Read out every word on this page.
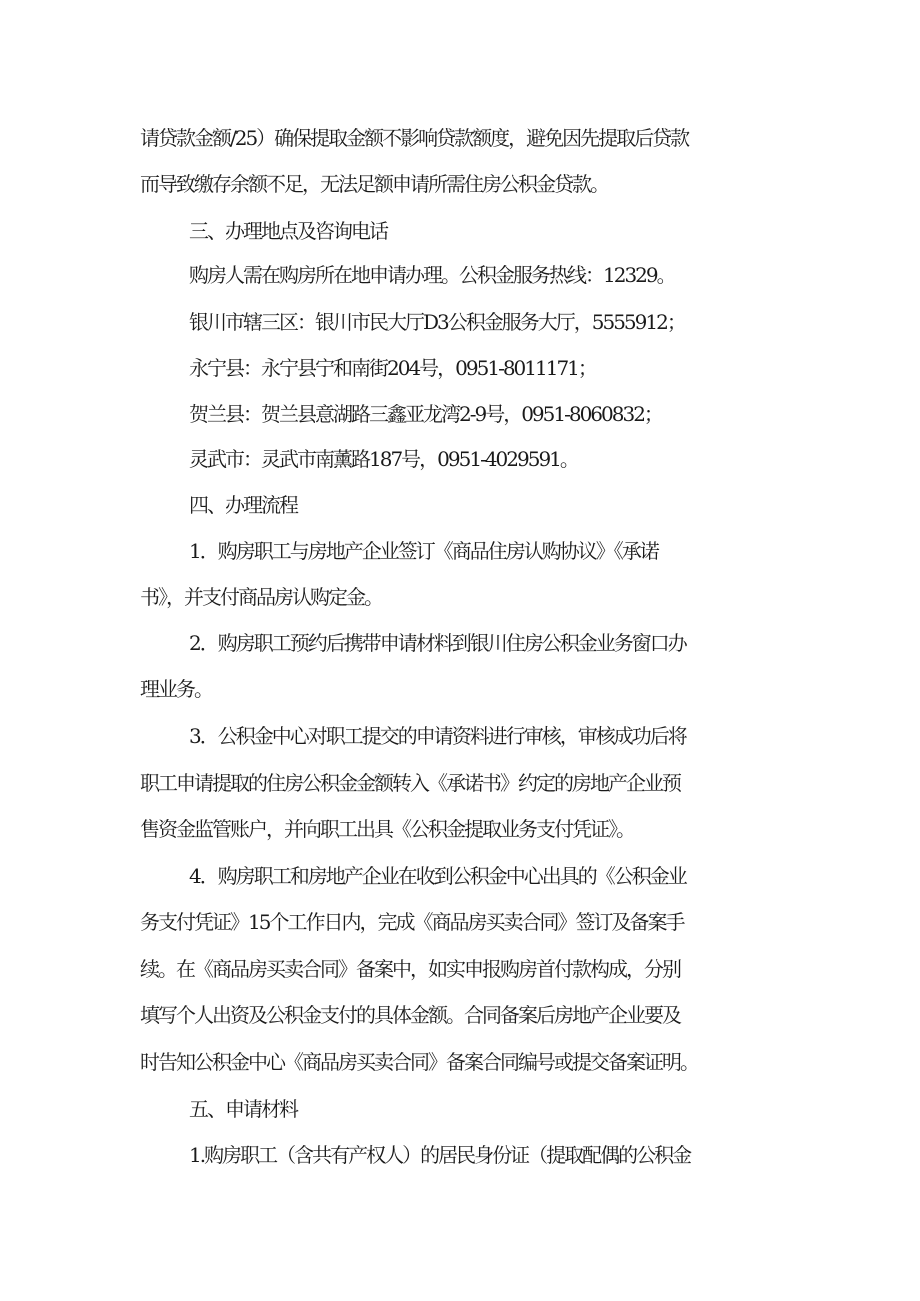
请贷款金额/25）确保提取金额不影响贷款额度，避免因先提取后贷款
而导致缴存余额不足，无法足额申请所需住房公积金贷款。
三、办理地点及咨询电话
购房人需在购房所在地申请办理。公积金服务热线：12329。
银川市辖三区：银川市民大厅D3公积金服务大厅，5555912；
永宁县：永宁县宁和南街204号，0951-8011171；
贺兰县：贺兰县意湖路三鑫亚龙湾2-9号，0951-8060832；
灵武市：灵武市南薰路187号，0951-4029591。
四、办理流程
1．购房职工与房地产企业签订《商品住房认购协议》《承诺
书》，并支付商品房认购定金。
2．购房职工预约后携带申请材料到银川住房公积金业务窗口办
理业务。
3．公积金中心对职工提交的申请资料进行审核，审核成功后将
职工申请提取的住房公积金金额转入《承诺书》约定的房地产企业预
售资金监管账户，并向职工出具《公积金提取业务支付凭证》。
4．购房职工和房地产企业在收到公积金中心出具的《公积金业
务支付凭证》15个工作日内，完成《商品房买卖合同》签订及备案手
续。在《商品房买卖合同》备案中，如实申报购房首付款构成，分别
填写个人出资及公积金支付的具体金额。合同备案后房地产企业要及
时告知公积金中心《商品房买卖合同》备案合同编号或提交备案证明。
五、申请材料
1.购房职工（含共有产权人）的居民身份证（提取配偶的公积金
